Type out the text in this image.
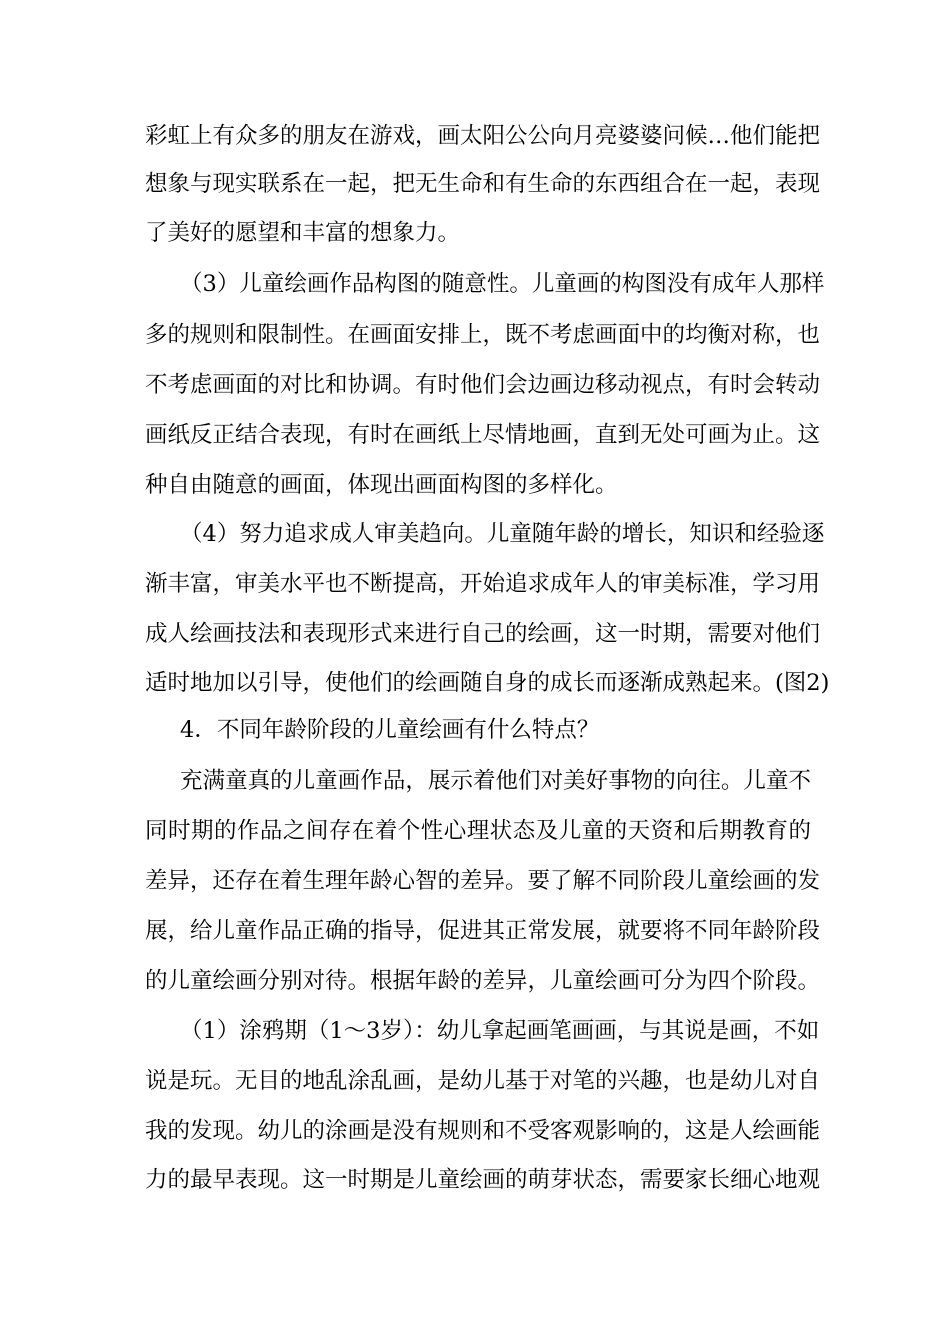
彩虹上有众多的朋友在游戏，画太阳公公向月亮婆婆问候…他们能把
想象与现实联系在一起，把无生命和有生命的东西组合在一起，表现
了美好的愿望和丰富的想象力。
（3）儿童绘画作品构图的随意性。儿童画的构图没有成年人那样
多的规则和限制性。在画面安排上，既不考虑画面中的均衡对称，也
不考虑画面的对比和协调。有时他们会边画边移动视点，有时会转动
画纸反正结合表现，有时在画纸上尽情地画，直到无处可画为止。这
种自由随意的画面，体现出画面构图的多样化。
（4）努力追求成人审美趋向。儿童随年龄的增长，知识和经验逐
渐丰富，审美水平也不断提高，开始追求成年人的审美标准，学习用
成人绘画技法和表现形式来进行自己的绘画，这一时期，需要对他们
适时地加以引导，使他们的绘画随自身的成长而逐渐成熟起来。(图2)
4．不同年龄阶段的儿童绘画有什么特点？
充满童真的儿童画作品，展示着他们对美好事物的向往。儿童不
同时期的作品之间存在着个性心理状态及儿童的天资和后期教育的
差异，还存在着生理年龄心智的差异。要了解不同阶段儿童绘画的发
展，给儿童作品正确的指导，促进其正常发展，就要将不同年龄阶段
的儿童绘画分别对待。根据年龄的差异，儿童绘画可分为四个阶段。
（1）涂鸦期（1～3岁）：幼儿拿起画笔画画，与其说是画，不如
说是玩。无目的地乱涂乱画，是幼儿基于对笔的兴趣，也是幼儿对自
我的发现。幼儿的涂画是没有规则和不受客观影响的，这是人绘画能
力的最早表现。这一时期是儿童绘画的萌芽状态，需要家长细心地观
